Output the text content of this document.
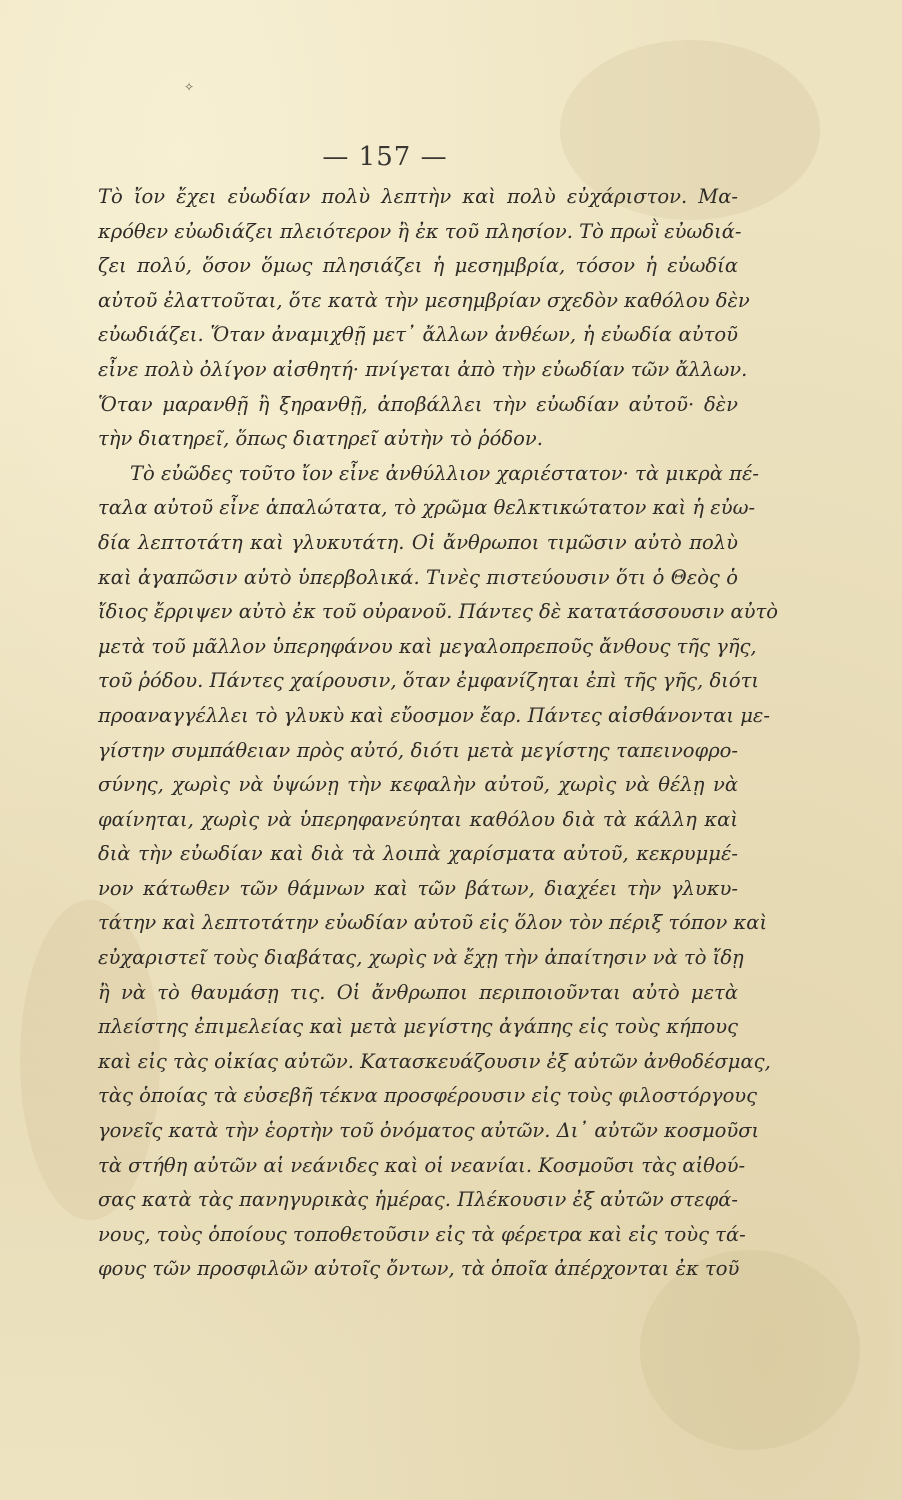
✧
— 157 —
Τὸ ἴον ἔχει εὐωδίαν πολὺ λεπτὴν καὶ πολὺ εὐχάριστον. Μα-
κρόθεν εὐωδιάζει πλειότερον ἢ ἐκ τοῦ πλησίον. Τὸ πρωῒ εὐωδιά-
ζει πολύ, ὅσον ὅμως πλησιάζει ἡ μεσημβρία, τόσον ἡ εὐωδία
αὐτοῦ ἐλαττοῦται, ὅτε κατὰ τὴν μεσημβρίαν σχεδὸν καθόλου δὲν
εὐωδιάζει. Ὅταν ἀναμιχθῇ μετ᾽ ἄλλων ἀνθέων, ἡ εὐωδία αὐτοῦ
εἶνε πολὺ ὀλίγον αἰσθητή· πνίγεται ἀπὸ τὴν εὐωδίαν τῶν ἄλλων.
Ὅταν μαρανθῇ ἢ ξηρανθῇ, ἀποβάλλει τὴν εὐωδίαν αὐτοῦ· δὲν
τὴν διατηρεῖ, ὅπως διατηρεῖ αὐτὴν τὸ ῥόδον.
Τὸ εὐῶδες τοῦτο ἴον εἶνε ἀνθύλλιον χαριέστατον· τὰ μικρὰ πέ-
ταλα αὐτοῦ εἶνε ἁπαλώτατα, τὸ χρῶμα θελκτικώτατον καὶ ἡ εὐω-
δία λεπτοτάτη καὶ γλυκυτάτη. Οἱ ἄνθρωποι τιμῶσιν αὐτὸ πολὺ
καὶ ἀγαπῶσιν αὐτὸ ὑπερβολικά. Τινὲς πιστεύουσιν ὅτι ὁ Θεὸς ὁ
ἴδιος ἔρριψεν αὐτὸ ἐκ τοῦ οὐρανοῦ. Πάντες δὲ κατατάσσουσιν αὐτὸ
μετὰ τοῦ μᾶλλον ὑπερηφάνου καὶ μεγαλοπρεποῦς ἄνθους τῆς γῆς,
τοῦ ῥόδου. Πάντες χαίρουσιν, ὅταν ἐμφανίζηται ἐπὶ τῆς γῆς, διότι
προαναγγέλλει τὸ γλυκὺ καὶ εὔοσμον ἔαρ. Πάντες αἰσθάνονται με-
γίστην συμπάθειαν πρὸς αὐτό, διότι μετὰ μεγίστης ταπεινοφρο-
σύνης, χωρὶς νὰ ὑψώνῃ τὴν κεφαλὴν αὐτοῦ, χωρὶς νὰ θέλῃ νὰ
φαίνηται, χωρὶς νὰ ὑπερηφανεύηται καθόλου διὰ τὰ κάλλη καὶ
διὰ τὴν εὐωδίαν καὶ διὰ τὰ λοιπὰ χαρίσματα αὐτοῦ, κεκρυμμέ-
νον κάτωθεν τῶν θάμνων καὶ τῶν βάτων, διαχέει τὴν γλυκυ-
τάτην καὶ λεπτοτάτην εὐωδίαν αὐτοῦ εἰς ὅλον τὸν πέριξ τόπον καὶ
εὐχαριστεῖ τοὺς διαβάτας, χωρὶς νὰ ἔχῃ τὴν ἀπαίτησιν νὰ τὸ ἴδῃ
ἢ νὰ τὸ θαυμάσῃ τις. Οἱ ἄνθρωποι περιποιοῦνται αὐτὸ μετὰ
πλείστης ἐπιμελείας καὶ μετὰ μεγίστης ἀγάπης εἰς τοὺς κήπους
καὶ εἰς τὰς οἰκίας αὐτῶν. Κατασκευάζουσιν ἐξ αὐτῶν ἀνθοδέσμας,
τὰς ὁποίας τὰ εὐσεβῆ τέκνα προσφέρουσιν εἰς τοὺς φιλοστόργους
γονεῖς κατὰ τὴν ἑορτὴν τοῦ ὀνόματος αὐτῶν. Δι᾽ αὐτῶν κοσμοῦσι
τὰ στήθη αὐτῶν αἱ νεάνιδες καὶ οἱ νεανίαι. Κοσμοῦσι τὰς αἰθού-
σας κατὰ τὰς πανηγυρικὰς ἡμέρας. Πλέκουσιν ἐξ αὐτῶν στεφά-
νους, τοὺς ὁποίους τοποθετοῦσιν εἰς τὰ φέρετρα καὶ εἰς τοὺς τά-
φους τῶν προσφιλῶν αὐτοῖς ὄντων, τὰ ὁποῖα ἀπέρχονται ἐκ τοῦ
